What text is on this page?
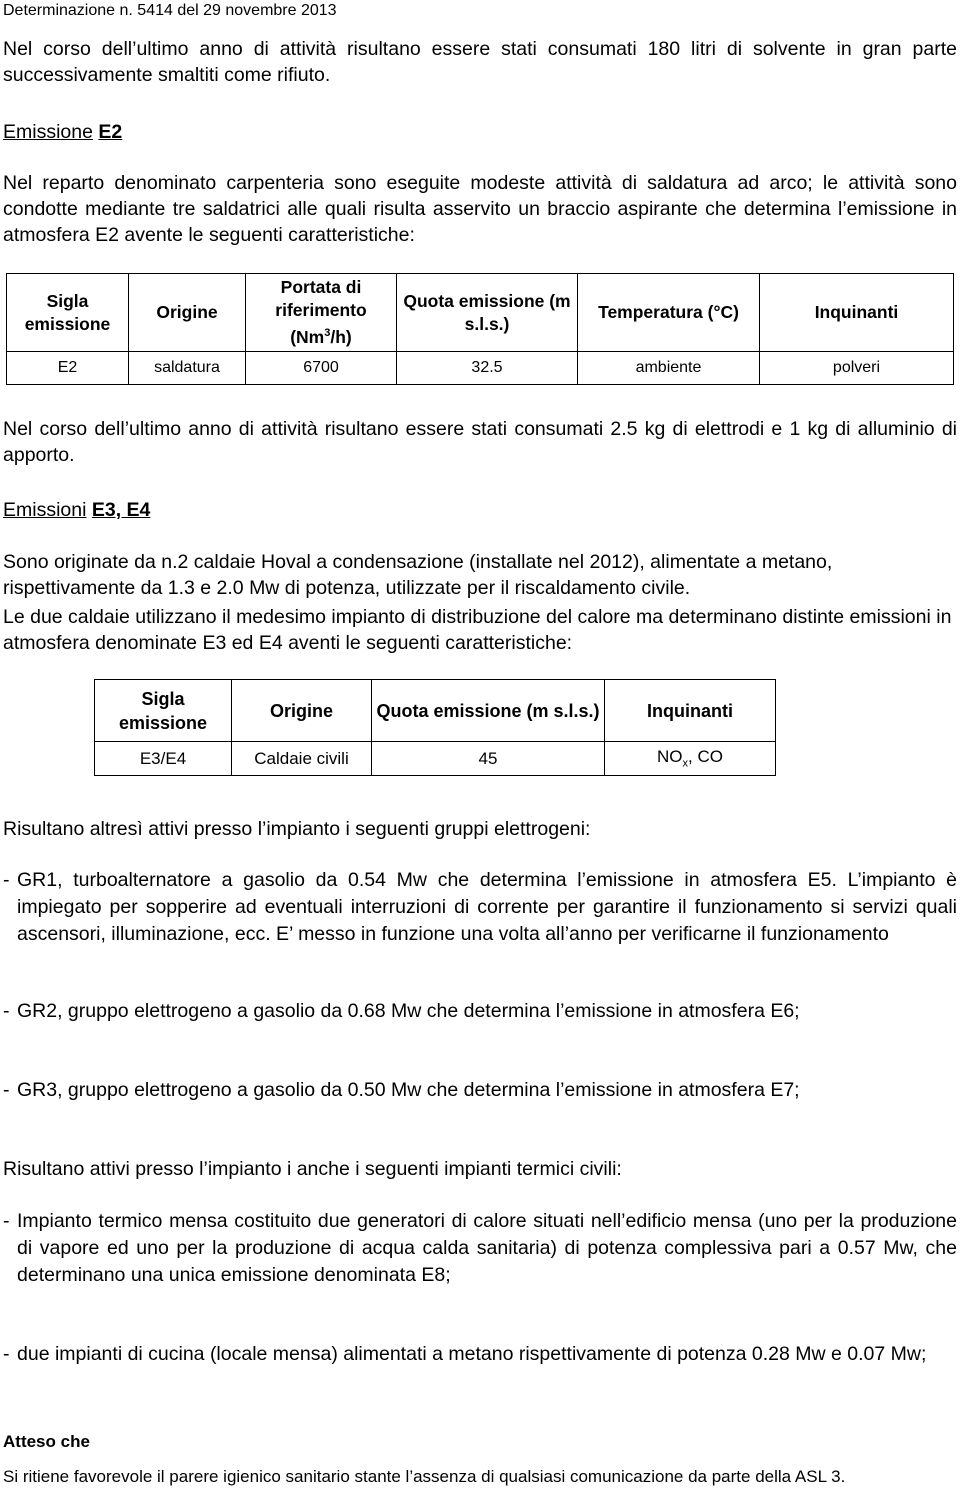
Determinazione n. 5414 del 29 novembre 2013

Nel corso dell’ultimo anno di attività risultano essere stati consumati 180 litri di solvente in gran parte successivamente smaltiti come rifiuto.

Emissione E2

Nel reparto denominato carpenteria sono eseguite modeste attività di saldatura ad arco; le attività sono condotte mediante tre saldatrici alle quali risulta asservito un braccio aspirante che determina l’emissione in atmosfera E2 avente le seguenti caratteristiche:

Sigla emissione	Origine	Portata di riferimento (Nm$^3$/h)	Quota emissione (m s.l.s.)	Temperatura (°C)	Inquinanti
E2	saldatura	6700	32.5	ambiente	polveri

Nel corso dell’ultimo anno di attività risultano essere stati consumati 2.5 kg di elettrodi e 1 kg di alluminio di apporto.

Emissioni E3, E4

Sono originate da n.2 caldaie Hoval a condensazione (installate nel 2012), alimentate a metano, rispettivamente da 1.3 e 2.0 Mw di potenza, utilizzate per il riscaldamento civile.

Le due caldaie utilizzano il medesimo impianto di distribuzione del calore ma determinano distinte emissioni in atmosfera denominate E3 ed E4 aventi le seguenti caratteristiche:

Sigla emissione	Origine	Quota emissione (m s.l.s.)	Inquinanti
E3/E4	Caldaie civili	45	$NO_x$, CO

Risultano altresì attivi presso l’impianto i seguenti gruppi elettrogeni:

- GR1, turboalternatore a gasolio da 0.54 Mw che determina l’emissione in atmosfera E5. L’impianto è impiegato per sopperire ad eventuali interruzioni di corrente per garantire il funzionamento si servizi quali ascensori, illuminazione, ecc. E’ messo in funzione una volta all’anno per verificarne il funzionamento
- GR2, gruppo elettrogeno a gasolio da 0.68 Mw che determina l’emissione in atmosfera E6;
- GR3, gruppo elettrogeno a gasolio da 0.50 Mw che determina l’emissione in atmosfera E7;

Risultano attivi presso l’impianto i anche i seguenti impianti termici civili:

- Impianto termico mensa costituito due generatori di calore situati nell’edificio mensa (uno per la produzione di vapore ed uno per la produzione di acqua calda sanitaria) di potenza complessiva pari a 0.57 Mw, che determinano una unica emissione denominata E8;
- due impianti di cucina (locale mensa) alimentati a metano rispettivamente di potenza 0.28 Mw e 0.07 Mw;
Atteso che
Si ritiene favorevole il parere igienico sanitario stante l’assenza di qualsiasi comunicazione da parte della ASL 3.
